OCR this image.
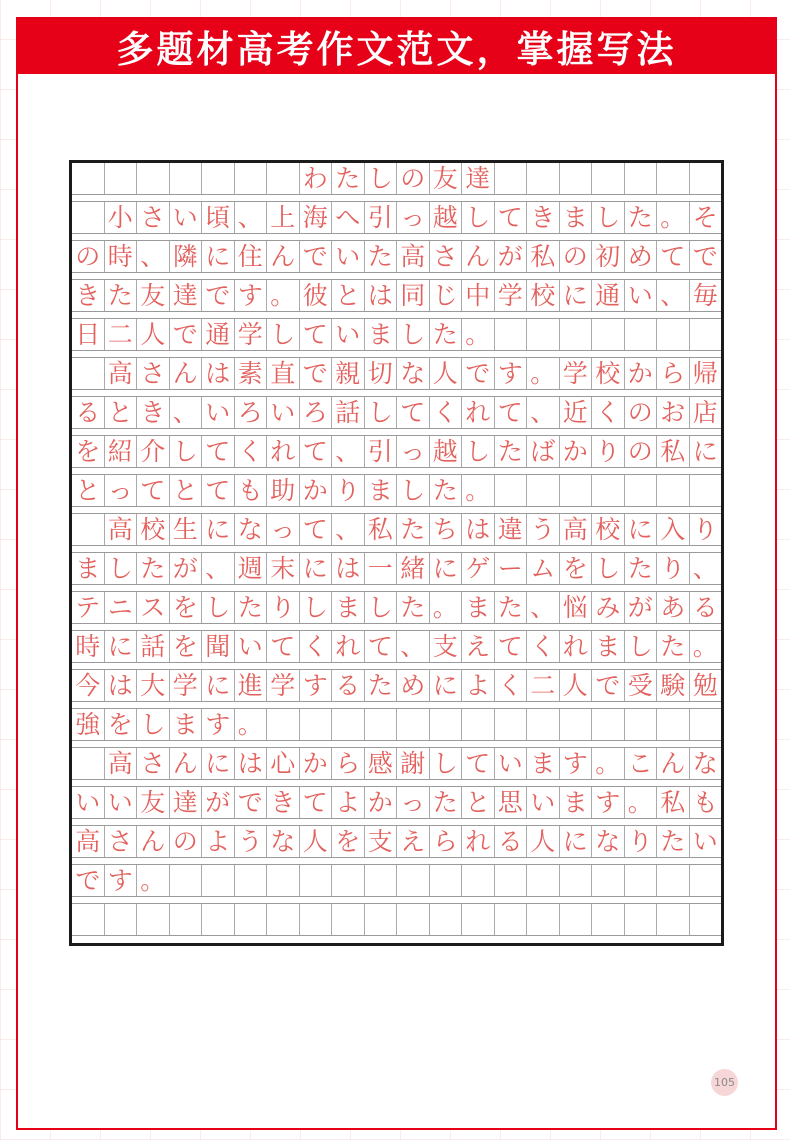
多题材高考作文范文，掌握写法
わ た し の 友 達
小 さ い 頃 、 上 海 へ 引 っ 越 し て き ま し た 。 そ
の 時 、 隣 に 住 ん で い た 高 さ ん が 私 の 初 め て で
き た 友 達 で す 。 彼 と は 同 じ 中 学 校 に 通 い 、 毎
日 二 人 で 通 学 し て い ま し た 。
高 さ ん は 素 直 で 親 切 な 人 で す 。 学 校 か ら 帰
る と き 、 い ろ い ろ 話 し て く れ て 、 近 く の お 店
を 紹 介 し て く れ て 、 引 っ 越 し た ば か り の 私 に
と っ て と て も 助 か り ま し た 。
高 校 生 に な っ て 、 私 た ち は 違 う 高 校 に 入 り
ま し た が 、 週 末 に は 一 緒 に ゲ ー ム を し た り 、
テ ニ ス を し た り し ま し た 。 ま た 、 悩 み が あ る
時 に 話 を 聞 い て く れ て 、 支 え て く れ ま し た 。
今 は 大 学 に 進 学 す る た め に よ く 二 人 で 受 験 勉
強 を し ま す 。
高 さ ん に は 心 か ら 感 謝 し て い ま す 。 こ ん な
い い 友 達 が で き て よ か っ た と 思 い ま す 。 私 も
高 さ ん の よ う な 人 を 支 え ら れ る 人 に な り た い
で す 。
105
